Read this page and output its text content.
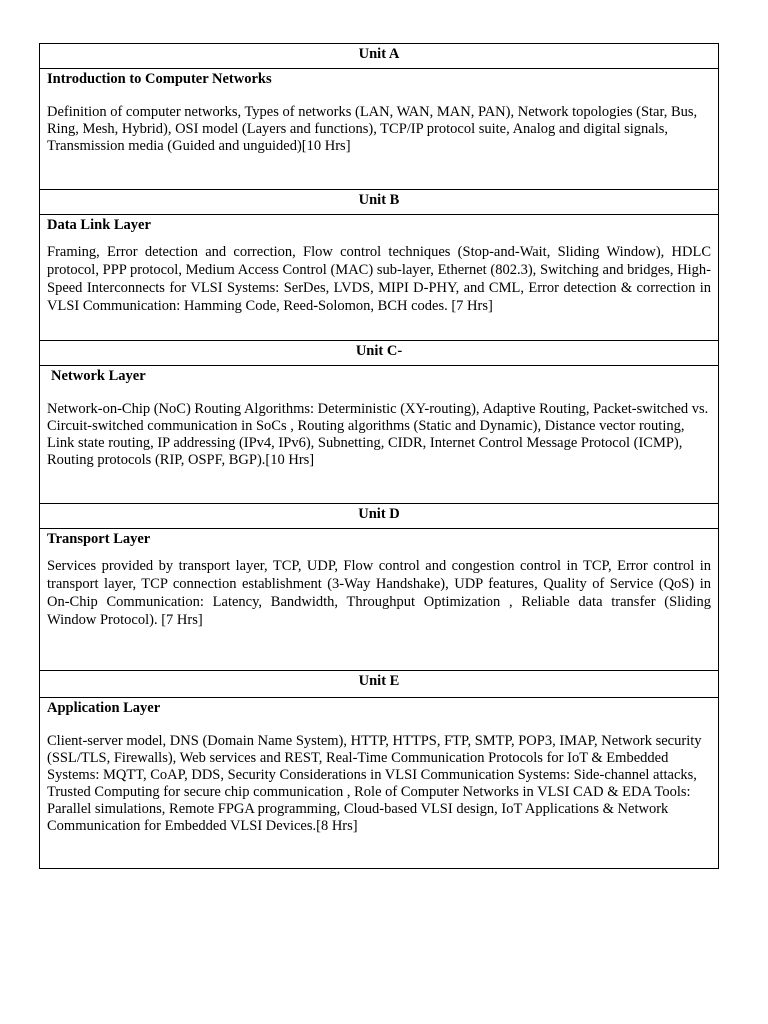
Unit A
Introduction to Computer Networks

Definition of computer networks, Types of networks (LAN, WAN, MAN, PAN), Network topologies (Star, Bus, Ring, Mesh, Hybrid), OSI model (Layers and functions), TCP/IP protocol suite, Analog and digital signals, Transmission media (Guided and unguided)[10 Hrs]

Unit B
Data Link Layer

Framing, Error detection and correction, Flow control techniques (Stop-and-Wait, Sliding Window), HDLC protocol, PPP protocol, Medium Access Control (MAC) sub-layer, Ethernet (802.3), Switching and bridges, High-Speed Interconnects for VLSI Systems: SerDes, LVDS, MIPI D-PHY, and CML, Error detection & correction in VLSI Communication: Hamming Code, Reed-Solomon, BCH codes. [7 Hrs]

Unit C-
Network Layer

Network-on-Chip (NoC) Routing Algorithms: Deterministic (XY-routing), Adaptive Routing, Packet-switched vs. Circuit-switched communication in SoCs , Routing algorithms (Static and Dynamic), Distance vector routing, Link state routing, IP addressing (IPv4, IPv6), Subnetting, CIDR, Internet Control Message Protocol (ICMP), Routing protocols (RIP, OSPF, BGP).[10 Hrs]

Unit D
Transport Layer

Services provided by transport layer, TCP, UDP, Flow control and congestion control in TCP, Error control in transport layer, TCP connection establishment (3-Way Handshake), UDP features, Quality of Service (QoS) in On-Chip Communication: Latency, Bandwidth, Throughput Optimization , Reliable data transfer (Sliding Window Protocol). [7 Hrs]

Unit E
Application Layer

Client-server model, DNS (Domain Name System), HTTP, HTTPS, FTP, SMTP, POP3, IMAP, Network security (SSL/TLS, Firewalls), Web services and REST, Real-Time Communication Protocols for IoT & Embedded Systems: MQTT, CoAP, DDS, Security Considerations in VLSI Communication Systems: Side-channel attacks, Trusted Computing for secure chip communication , Role of Computer Networks in VLSI CAD & EDA Tools: Parallel simulations, Remote FPGA programming, Cloud-based VLSI design, IoT Applications & Network Communication for Embedded VLSI Devices.[8 Hrs]
